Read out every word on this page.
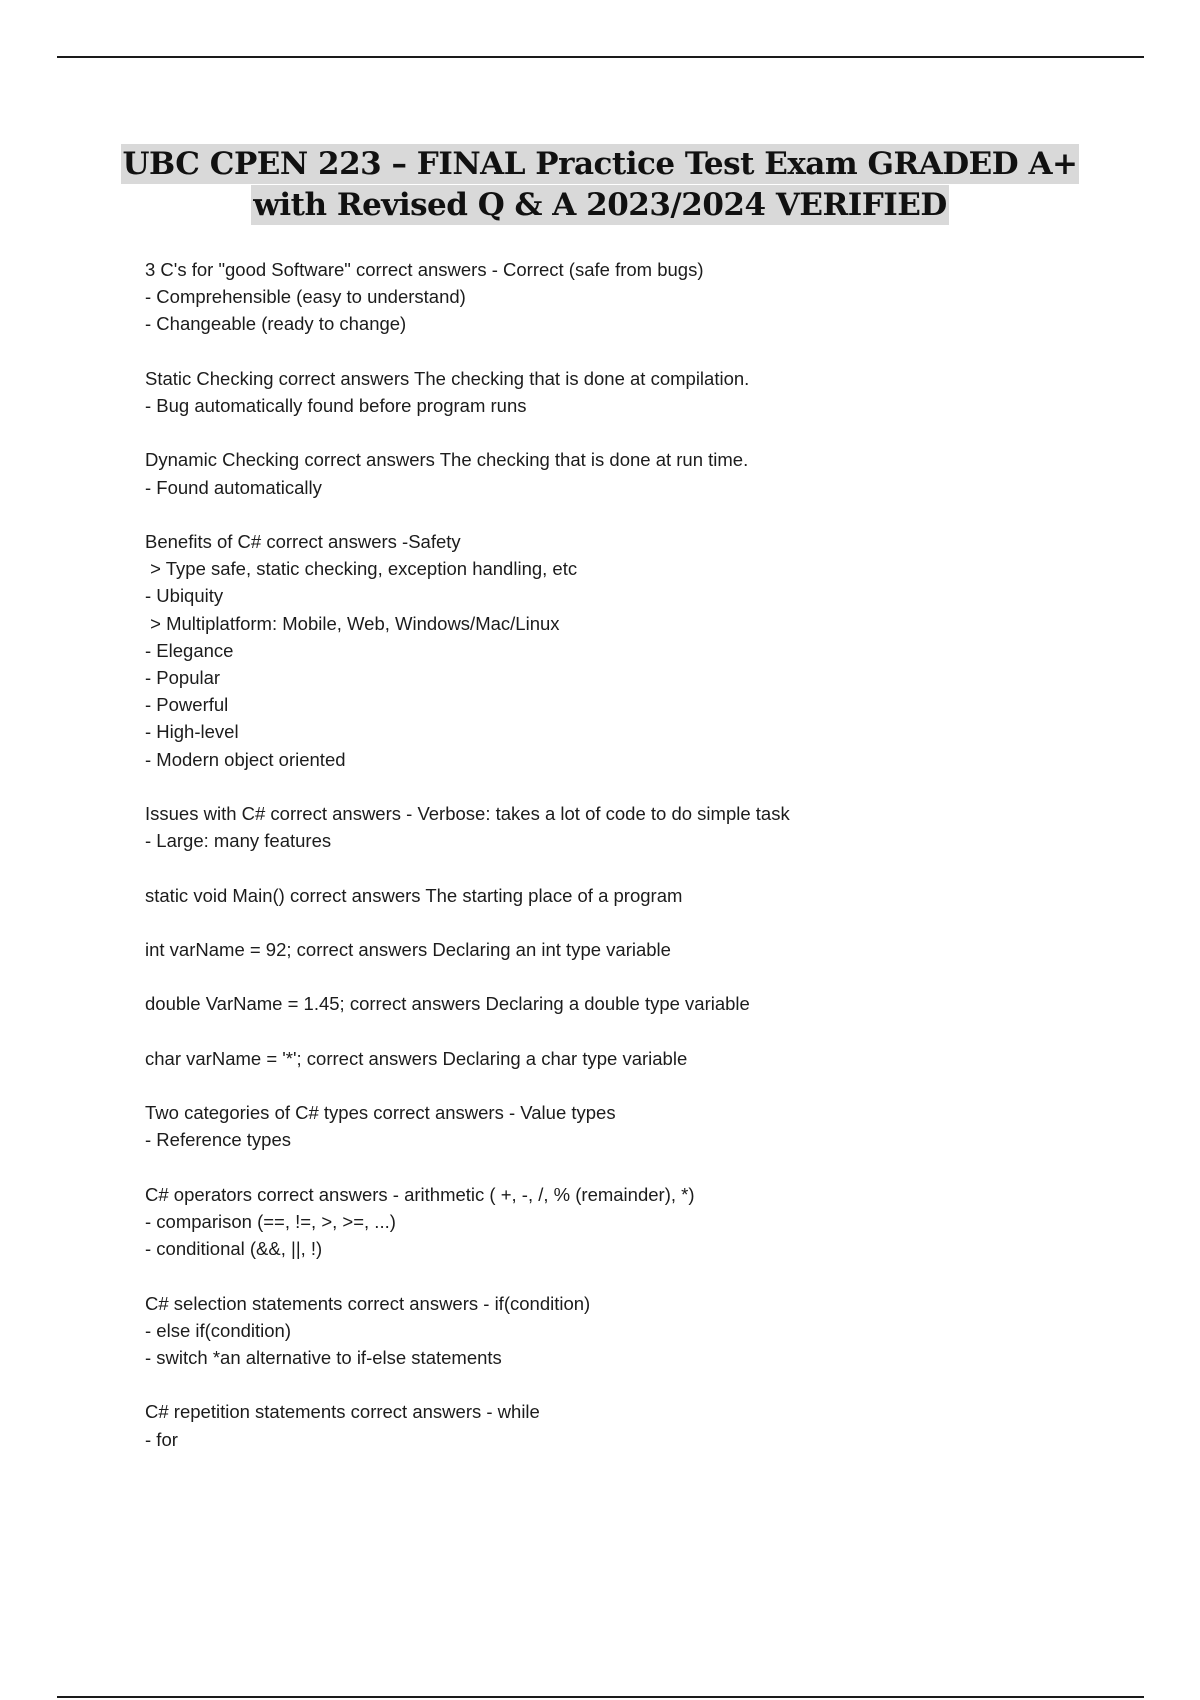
UBC CPEN 223 – FINAL Practice Test Exam GRADED A+
with Revised Q & A 2023/2024 VERIFIED
3 C's for "good Software" correct answers - Correct (safe from bugs)
- Comprehensible (easy to understand)
- Changeable (ready to change)
Static Checking correct answers The checking that is done at compilation.
- Bug automatically found before program runs
Dynamic Checking correct answers The checking that is done at run time.
- Found automatically
Benefits of C# correct answers -Safety
> Type safe, static checking, exception handling, etc
- Ubiquity
> Multiplatform: Mobile, Web, Windows/Mac/Linux
- Elegance
- Popular
- Powerful
- High-level
- Modern object oriented
Issues with C# correct answers - Verbose: takes a lot of code to do simple task
- Large: many features
static void Main() correct answers The starting place of a program
int varName = 92; correct answers Declaring an int type variable
double VarName = 1.45; correct answers Declaring a double type variable
char varName = '*'; correct answers Declaring a char type variable
Two categories of C# types correct answers - Value types
- Reference types
C# operators correct answers - arithmetic ( +, -, /, % (remainder), *)
- comparison (==, !=, >, >=, ...)
- conditional (&&, ||, !)
C# selection statements correct answers - if(condition)
- else if(condition)
- switch *an alternative to if-else statements
C# repetition statements correct answers - while
- for
